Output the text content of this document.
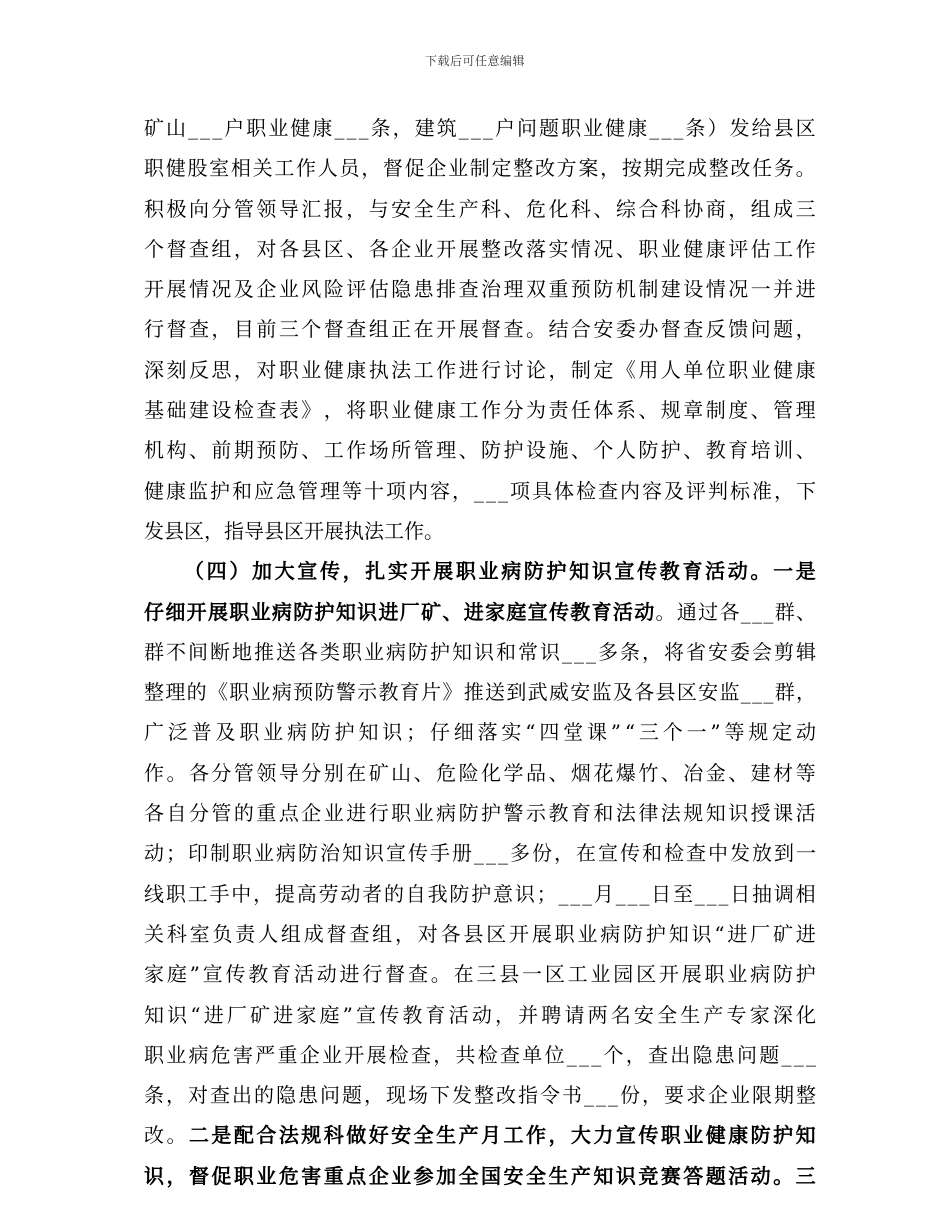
下载后可任意编辑
矿 山 _ _ _ 户 职 业 健 康 _ _ _ 条 ， 建 筑 _ _ _ 户 问 题 职 业 健 康 _ _ _ 条 ） 发 给 县 区
职 健 股 室 相 关 工 作 人 员 ， 督 促 企 业 制 定 整 改 方 案 ， 按 期 完 成 整 改 任 务 。
积 极 向 分 管 领 导 汇 报 ， 与 安 全 生 产 科 、 危 化 科 、 综 合 科 协 商 ， 组 成 三
个 督 查 组 ， 对 各 县 区 、 各 企 业 开 展 整 改 落 实 情 况 、 职 业 健 康 评 估 工 作
开 展 情 况 及 企 业 风 险 评 估 隐 患 排 查 治 理 双 重 预 防 机 制 建 设 情 况 一 并 进
行 督 查 ， 目 前 三 个 督 查 组 正 在 开 展 督 查 。 结 合 安 委 办 督 查 反 馈 问 题 ，
深 刻 反 思 ， 对 职 业 健 康 执 法 工 作 进 行 讨 论 ， 制 定 《 用 人 单 位 职 业 健 康
基 础 建 设 检 查 表 》 ， 将 职 业 健 康 工 作 分 为 责 任 体 系 、 规 章 制 度 、 管 理
机 构 、 前 期 预 防 、 工 作 场 所 管 理 、 防 护 设 施 、 个 人 防 护 、 教 育 培 训 、
健 康 监 护 和 应 急 管 理 等 十 项 内 容 ， _ _ _ 项 具 体 检 查 内 容 及 评 判 标 准 ， 下
发 县 区 ， 指 导 县 区 开 展 执 法 工 作 。
（ 四 ） 加 大 宣 传 ， 扎 实 开 展 职 业 病 防 护 知 识 宣 传 教 育 活 动 。 一 是
仔 细 开 展 职 业 病 防 护 知 识 进 厂 矿 、 进 家 庭 宣 传 教 育 活 动 。 通 过 各 _ _ _ 群 、
群 不 间 断 地 推 送 各 类 职 业 病 防 护 知 识 和 常 识 _ _ _ 多 条 ， 将 省 安 委 会 剪 辑
整 理 的 《 职 业 病 预 防 警 示 教 育 片 》 推 送 到 武 威 安 监 及 各 县 区 安 监 _ _ _ 群 ，
广 泛 普 及 职 业 病 防 护 知 识 ； 仔 细 落 实 “ 四 堂 课 ” “ 三 个 一 ” 等 规 定 动
作 。 各 分 管 领 导 分 别 在 矿 山 、 危 险 化 学 品 、 烟 花 爆 竹 、 冶 金 、 建 材 等
各 自 分 管 的 重 点 企 业 进 行 职 业 病 防 护 警 示 教 育 和 法 律 法 规 知 识 授 课 活
动 ； 印 制 职 业 病 防 治 知 识 宣 传 手 册 _ _ _ 多 份 ， 在 宣 传 和 检 查 中 发 放 到 一
线 职 工 手 中 ， 提 高 劳 动 者 的 自 我 防 护 意 识 ； _ _ _ 月 _ _ _ 日 至 _ _ _ 日 抽 调 相
关 科 室 负 责 人 组 成 督 查 组 ， 对 各 县 区 开 展 职 业 病 防 护 知 识 “ 进 厂 矿 进
家 庭 ” 宣 传 教 育 活 动 进 行 督 查 。 在 三 县 一 区 工 业 园 区 开 展 职 业 病 防 护
知 识 “ 进 厂 矿 进 家 庭 ” 宣 传 教 育 活 动 ， 并 聘 请 两 名 安 全 生 产 专 家 深 化
职 业 病 危 害 严 重 企 业 开 展 检 查 ， 共 检 查 单 位 _ _ _ 个 ， 查 出 隐 患 问 题 _ _ _
条 ， 对 查 出 的 隐 患 问 题 ， 现 场 下 发 整 改 指 令 书 _ _ _ 份 ， 要 求 企 业 限 期 整
改 。 二 是 配 合 法 规 科 做 好 安 全 生 产 月 工 作 ， 大 力 宣 传 职 业 健 康 防 护 知
识 ， 督 促 职 业 危 害 重 点 企 业 参 加 全 国 安 全 生 产 知 识 竞 赛 答 题 活 动 。 三
